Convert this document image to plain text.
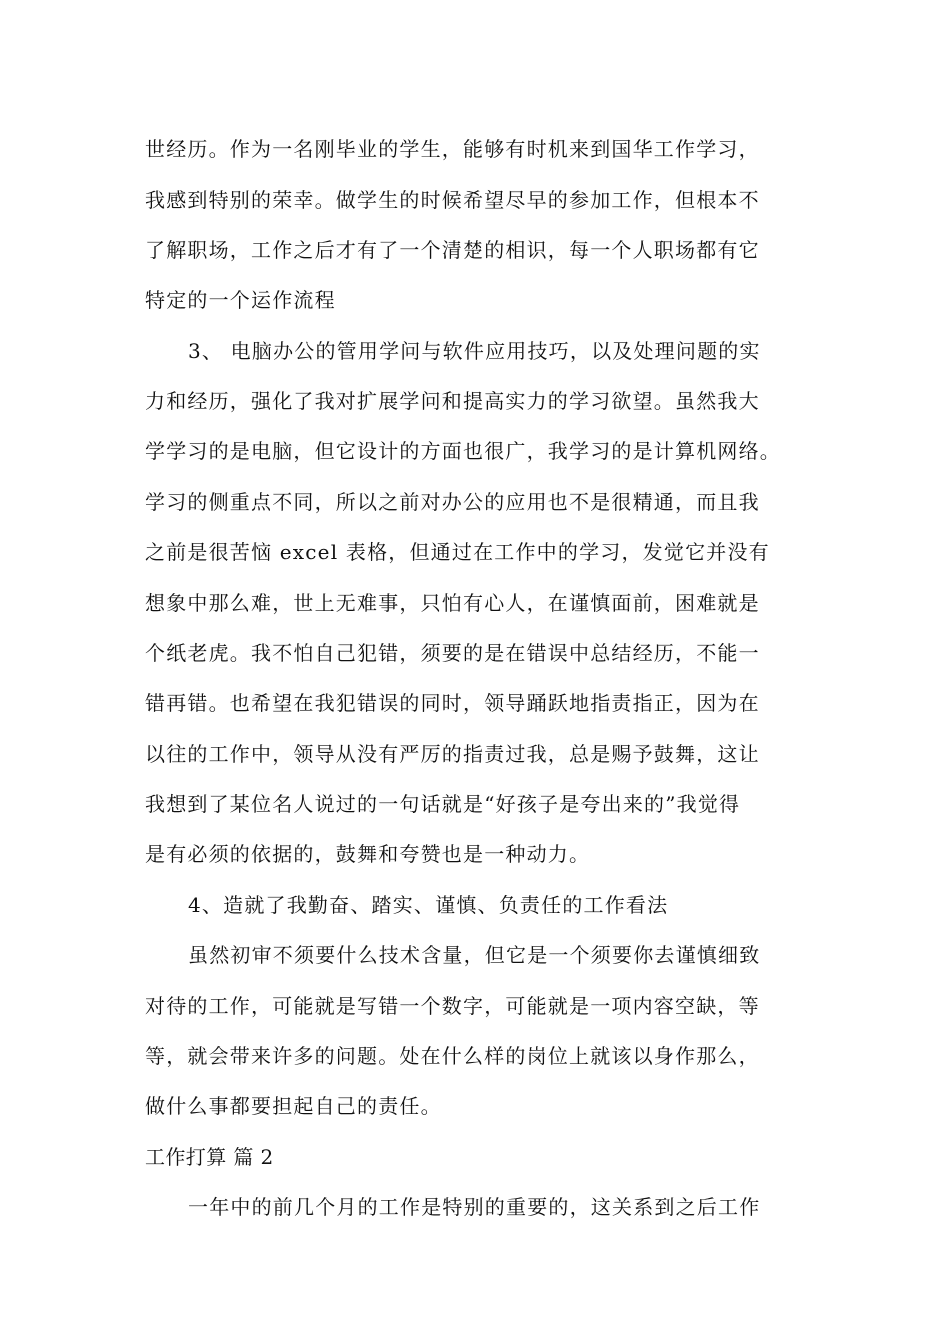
世经历。作为一名刚毕业的学生，能够有时机来到国华工作学习，
我感到特别的荣幸。做学生的时候希望尽早的参加工作，但根本不
了解职场，工作之后才有了一个清楚的相识，每一个人职场都有它
特定的一个运作流程
3、 电脑办公的管用学问与软件应用技巧，以及处理问题的实
力和经历，强化了我对扩展学问和提高实力的学习欲望。虽然我大
学学习的是电脑，但它设计的方面也很广，我学习的是计算机网络。
学习的侧重点不同，所以之前对办公的应用也不是很精通，而且我
之前是很苦恼 excel 表格，但通过在工作中的学习，发觉它并没有
想象中那么难，世上无难事，只怕有心人，在谨慎面前，困难就是
个纸老虎。我不怕自己犯错，须要的是在错误中总结经历，不能一
错再错。也希望在我犯错误的同时，领导踊跃地指责指正，因为在
以往的工作中，领导从没有严厉的指责过我，总是赐予鼓舞，这让
我想到了某位名人说过的一句话就是“好孩子是夸出来的”我觉得
是有必须的依据的，鼓舞和夸赞也是一种动力。
4、造就了我勤奋、踏实、谨慎、负责任的工作看法
虽然初审不须要什么技术含量，但它是一个须要你去谨慎细致
对待的工作，可能就是写错一个数字，可能就是一项内容空缺，等
等，就会带来许多的问题。处在什么样的岗位上就该以身作那么，
做什么事都要担起自己的责任。
工作打算 篇 2
一年中的前几个月的工作是特别的重要的，这关系到之后工作
